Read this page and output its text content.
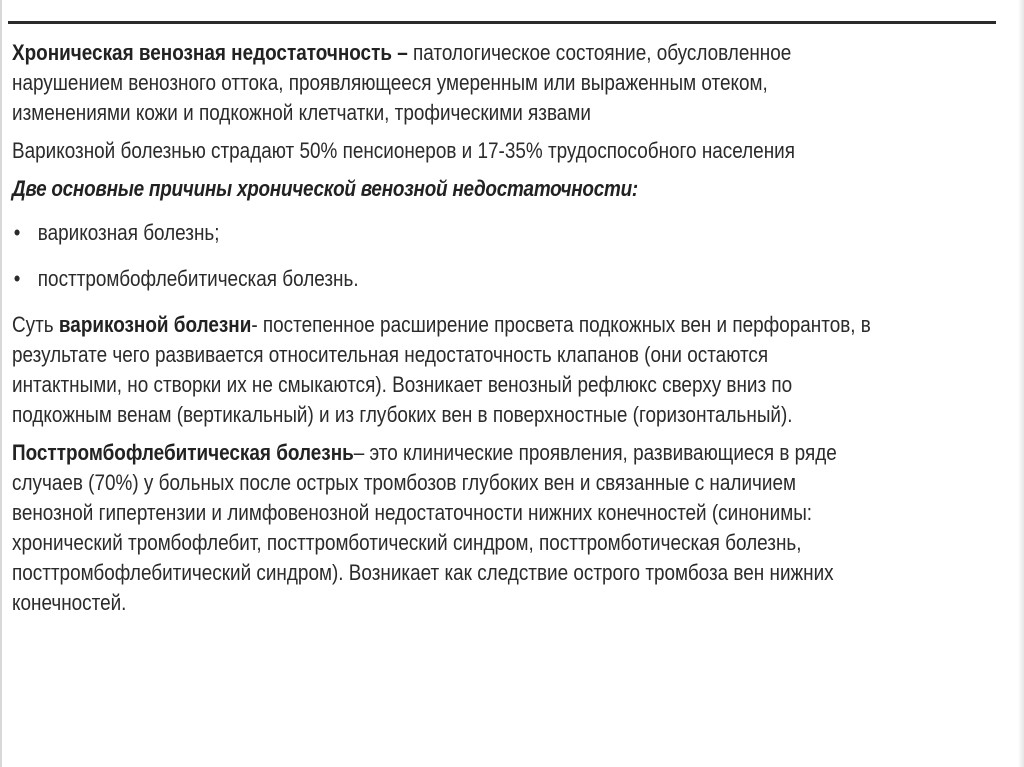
Хроническая венозная недостаточность – патологическое состояние, обусловленное
нарушением венозного оттока, проявляющееся умеренным или выраженным отеком,
изменениями кожи и подкожной клетчатки, трофическими язвами
Варикозной болезнью страдают 50% пенсионеров и 17-35% трудоспособного населения
Две основные причины хронической венозной недостаточности:
• варикозная болезнь;
• посттромбофлебитическая болезнь.
Суть варикозной болезни- постепенное расширение просвета подкожных вен и перфорантов, в
результате чего развивается относительная недостаточность клапанов (они остаются
интактными, но створки их не смыкаются). Возникает венозный рефлюкс сверху вниз по
подкожным венам (вертикальный) и из глубоких вен в поверхностные (горизонтальный).
Посттромбофлебитическая болезнь– это клинические проявления, развивающиеся в ряде
случаев (70%) у больных после острых тромбозов глубоких вен и связанные с наличием
венозной гипертензии и лимфовенозной недостаточности нижних конечностей (синонимы:
хронический тромбофлебит, посттромботический синдром, посттромботическая болезнь,
посттромбофлебитический синдром). Возникает как следствие острого тромбоза вен нижних
конечностей.
